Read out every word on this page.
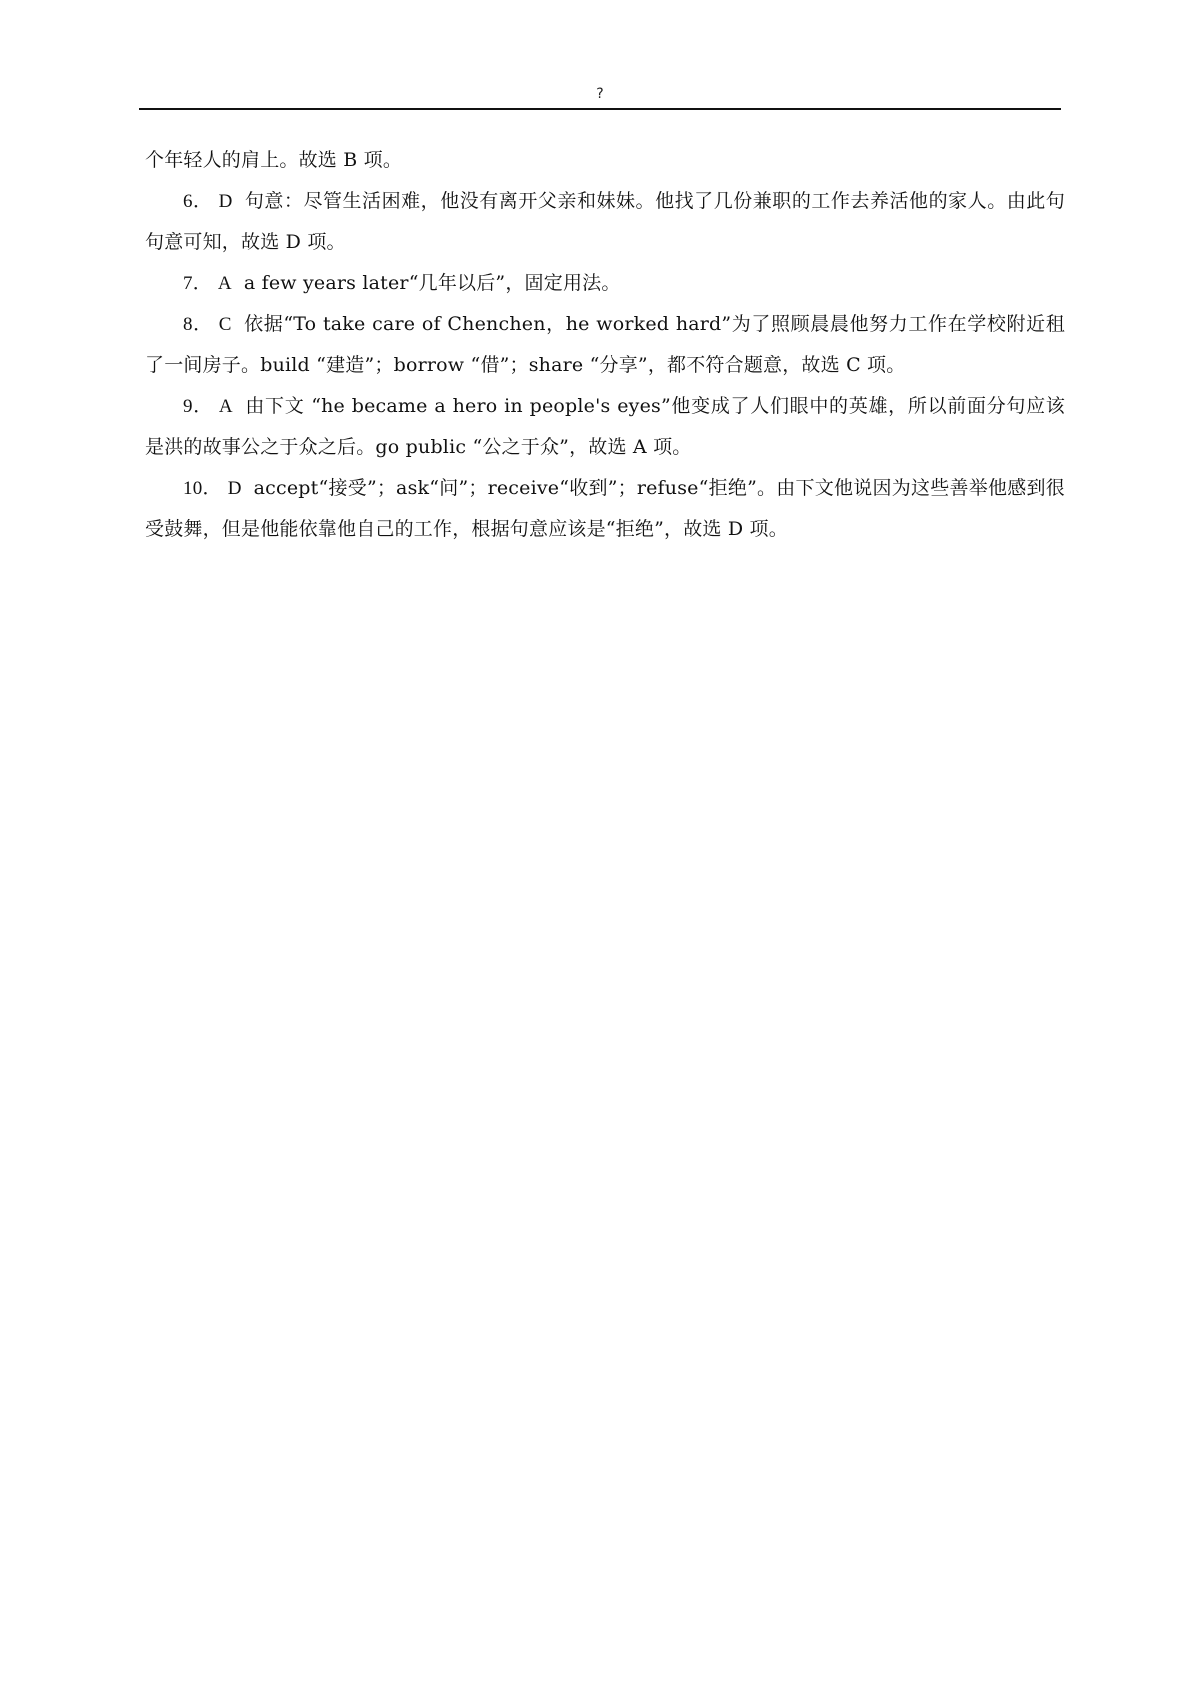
?

个年轻人的肩上。故选 B 项。

6． D 句意：尽管生活困难，他没有离开父亲和妹妹。他找了几份兼职的工作去养活他的家人。由此句句意可知，故选 D 项。

7． A a few years later“几年以后”，固定用法。

8． C 依据“To take care of Chenchen，he worked hard”为了照顾晨晨他努力工作在学校附近租了一间房子。build “建造”；borrow “借”；share “分享”，都不符合题意，故选 C 项。

9． A 由下文 “he became a hero in people's eyes”他变成了人们眼中的英雄，所以前面分句应该是洪的故事公之于众之后。go public “公之于众”，故选 A 项。

10． D accept“接受”；ask“问”；receive“收到”；refuse“拒绝”。由下文他说因为这些善举他感到很受鼓舞，但是他能依靠他自己的工作，根据句意应该是“拒绝”，故选 D 项。
